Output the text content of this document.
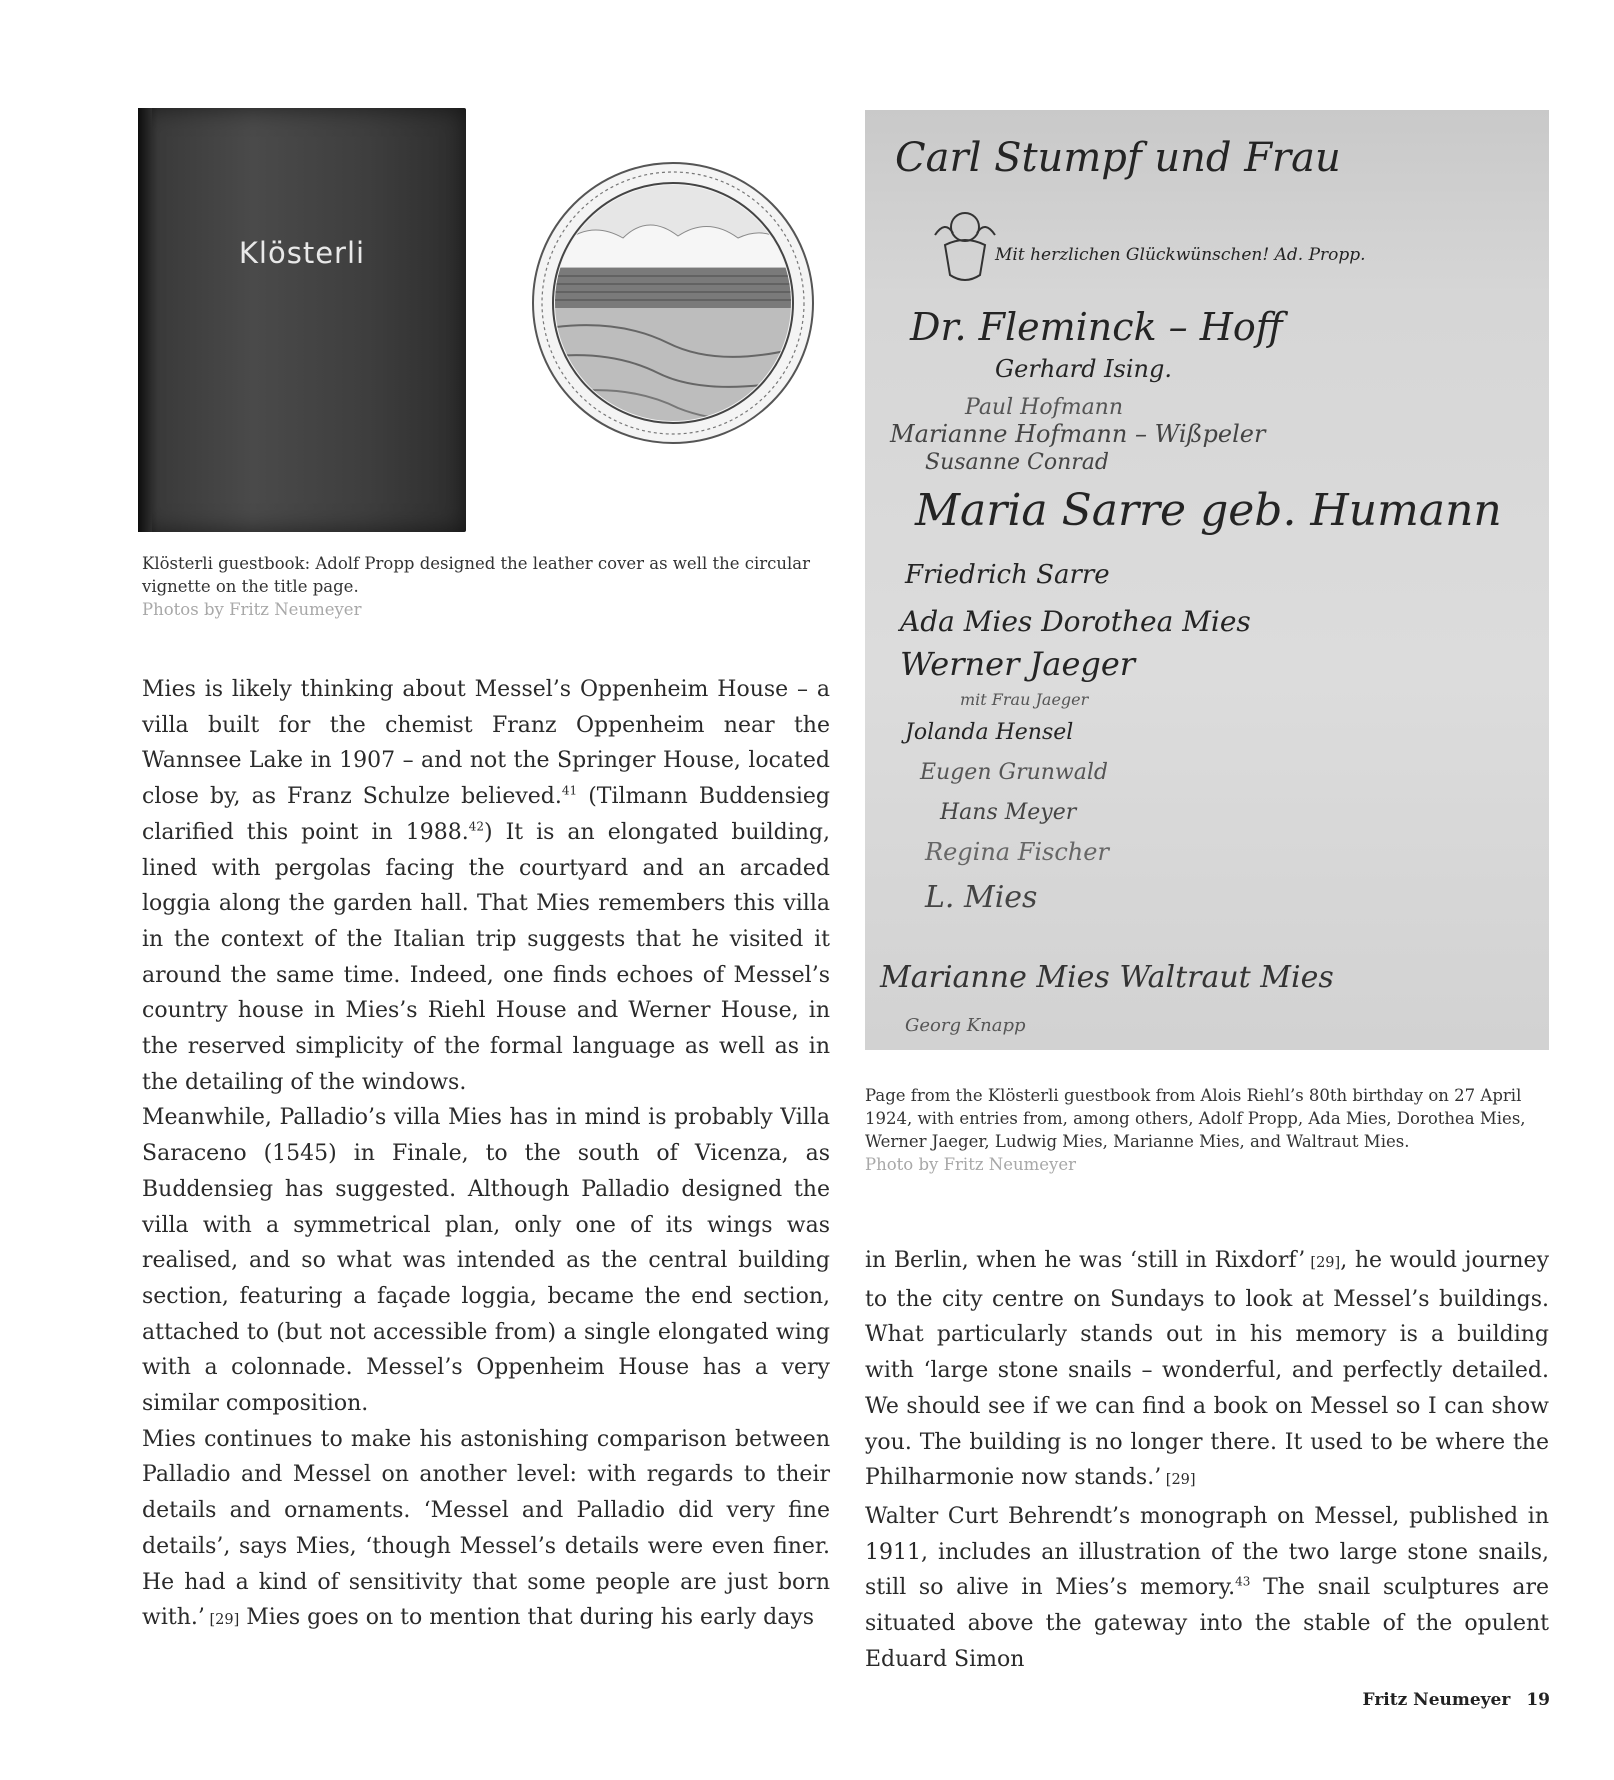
Klösterli
Carl Stumpf und Frau
Mit herzlichen Glückwünschen! Ad. Propp.
Dr. Fleminck – Hoff
Gerhard Ising.
Paul Hofmann
Marianne Hofmann – Wißpeler
Susanne Conrad
Maria Sarre geb. Humann
Friedrich Sarre
Ada Mies Dorothea Mies
Werner Jaeger
mit Frau Jaeger
Jolanda Hensel
Eugen Grunwald
Hans Meyer
Regina Fischer
L. Mies
Marianne Mies Waltraut Mies
Georg Knapp
Klösterli guestbook: Adolf Propp designed the leather cover as well the circular vignette on the title page.
Photos by Fritz Neumeyer
Page from the Klösterli guestbook from Alois Riehl’s 80th birthday on 27 April 1924, with entries from, among others, Adolf Propp, Ada Mies, Dorothea Mies, Werner Jaeger, Ludwig Mies, Marianne Mies, and Waltraut Mies.
Photo by Fritz Neumeyer

Mies is likely thinking about Messel’s Oppenheim House – a villa built for the chemist Franz Oppenheim near the Wannsee Lake in 1907 – and not the Springer House, located close by, as Franz Schulze believed.$^{41}$ (Tilmann Buddensieg clarified this point in 1988.42) It is an elongated building, lined with pergolas facing the courtyard and an arcaded loggia along the garden hall. That Mies remembers this villa in the context of the Italian trip suggests that he visited it around the same time. Indeed, one finds echoes of Messel’s country house in Mies’s Riehl House and Werner House, in the reserved simplicity of the formal language as well as in the detailing of the windows.

Meanwhile, Palladio’s villa Mies has in mind is probably Villa Saraceno (1545) in Finale, to the south of Vicenza, as Buddensieg has suggested. Although Palladio designed the villa with a symmetrical plan, only one of its wings was realised, and so what was intended as the central building section, featuring a façade loggia, became the end section, attached to (but not accessible from) a single elongated wing with a colonnade. Messel’s Oppenheim House has a very similar composition.

Mies continues to make his astonishing comparison between Palladio and Messel on another level: with regards to their details and ornaments. ‘Messel and Palladio did very fine details’, says Mies, ‘though Messel’s details were even finer. He had a kind of sensitivity that some people are just born with.’ [29] Mies goes on to mention that during his early days

in Berlin, when he was ‘still in Rixdorf’ [29], he would journey to the city centre on Sundays to look at Messel’s buildings. What particularly stands out in his memory is a building with ‘large stone snails – wonderful, and perfectly detailed. We should see if we can find a book on Messel so I can show you. The building is no longer there. It used to be where the Philharmonie now stands.’ [29]

Walter Curt Behrendt’s monograph on Messel, published in 1911, includes an illustration of the two large stone snails, still so alive in Mies’s memory.$^{43}$ The snail sculptures are situated above the gateway into the stable of the opulent Eduard Simon

Fritz Neumeyer 19
